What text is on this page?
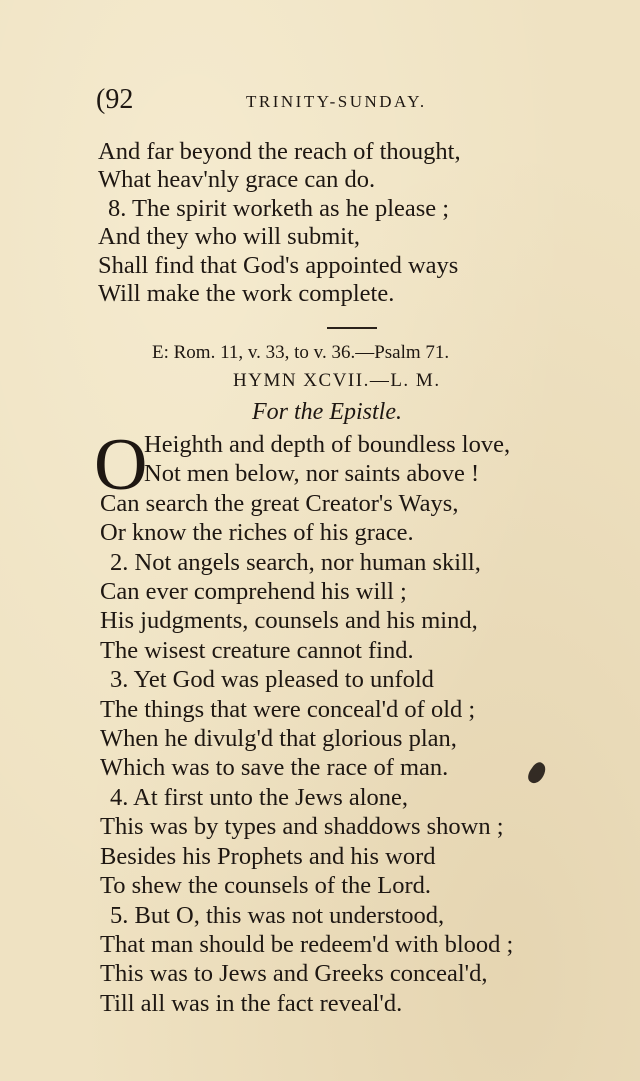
(92	TRINITY-SUNDAY.
And far beyond the reach of thought,
What heav'nly grace can do.
8. The spirit worketh as he please ;
And they who will submit,
Shall find that God's appointed ways
Will make the work complete.
E: Rom. 11, v. 33, to v. 36.—Psalm 71.
HYMN XCVII.—L. M.
For the Epistle.
O
Heighth and depth of boundless love,
Not men below, nor saints above !
Can search the great Creator's Ways,
Or know the riches of his grace.
2. Not angels search, nor human skill,
Can ever comprehend his will ;
His judgments, counsels and his mind,
The wisest creature cannot find.
3. Yet God was pleased to unfold
The things that were conceal'd of old ;
When he divulg'd that glorious plan,
Which was to save the race of man.
4. At first unto the Jews alone,
This was by types and shaddows shown ;
Besides his Prophets and his word
To shew the counsels of the Lord.
5. But O, this was not understood,
That man should be redeem'd with blood ;
This was to Jews and Greeks conceal'd,
Till all was in the fact reveal'd.
